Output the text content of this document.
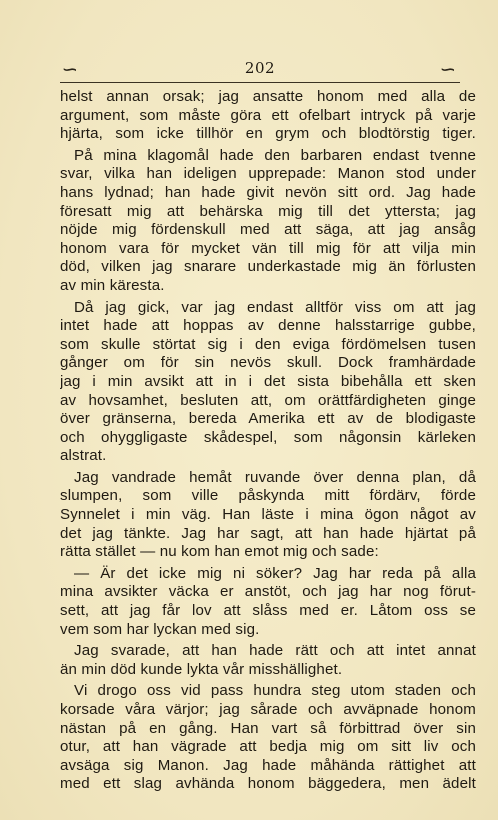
∽	202	∽

helst annan orsak; jag ansatte honom med alla de
argument, som måste göra ett ofelbart intryck på varje
hjärta, som icke tillhör en grym och blodtörstig tiger.

På mina klagomål hade den barbaren endast tvenne
svar, vilka han ideligen upprepade: Manon stod under
hans lydnad; han hade givit nevön sitt ord. Jag hade
föresatt mig att behärska mig till det yttersta; jag
nöjde mig fördenskull med att säga, att jag ansåg
honom vara för mycket vän till mig för att vilja min
död, vilken jag snarare underkastade mig än förlusten
av min käresta.

Då jag gick, var jag endast alltför viss om att jag
intet hade att hoppas av denne halsstarrige gubbe,
som skulle störtat sig i den eviga fördömelsen tusen
gånger om för sin nevös skull. Dock framhärdade
jag i min avsikt att in i det sista bibehålla ett sken
av hovsamhet, besluten att, om orättfärdigheten ginge
över gränserna, bereda Amerika ett av de blodigaste
och ohyggligaste skådespel, som någonsin kärleken
alstrat.

Jag vandrade hemåt ruvande över denna plan, då
slumpen, som ville påskynda mitt fördärv, förde
Synnelet i min väg. Han läste i mina ögon något av
det jag tänkte. Jag har sagt, att han hade hjärtat på
rätta stället — nu kom han emot mig och sade:

— Är det icke mig ni söker? Jag har reda på alla
mina avsikter väcka er anstöt, och jag har nog förut-
sett, att jag får lov att slåss med er. Låtom oss se
vem som har lyckan med sig.

Jag svarade, att han hade rätt och att intet annat
än min död kunde lykta vår misshällighet.

Vi drogo oss vid pass hundra steg utom staden och
korsade våra värjor; jag sårade och avväpnade honom
nästan på en gång. Han vart så förbittrad över sin
otur, att han vägrade att bedja mig om sitt liv och
avsäga sig Manon. Jag hade måhända rättighet att
med ett slag avhända honom bäggedera, men ädelt
